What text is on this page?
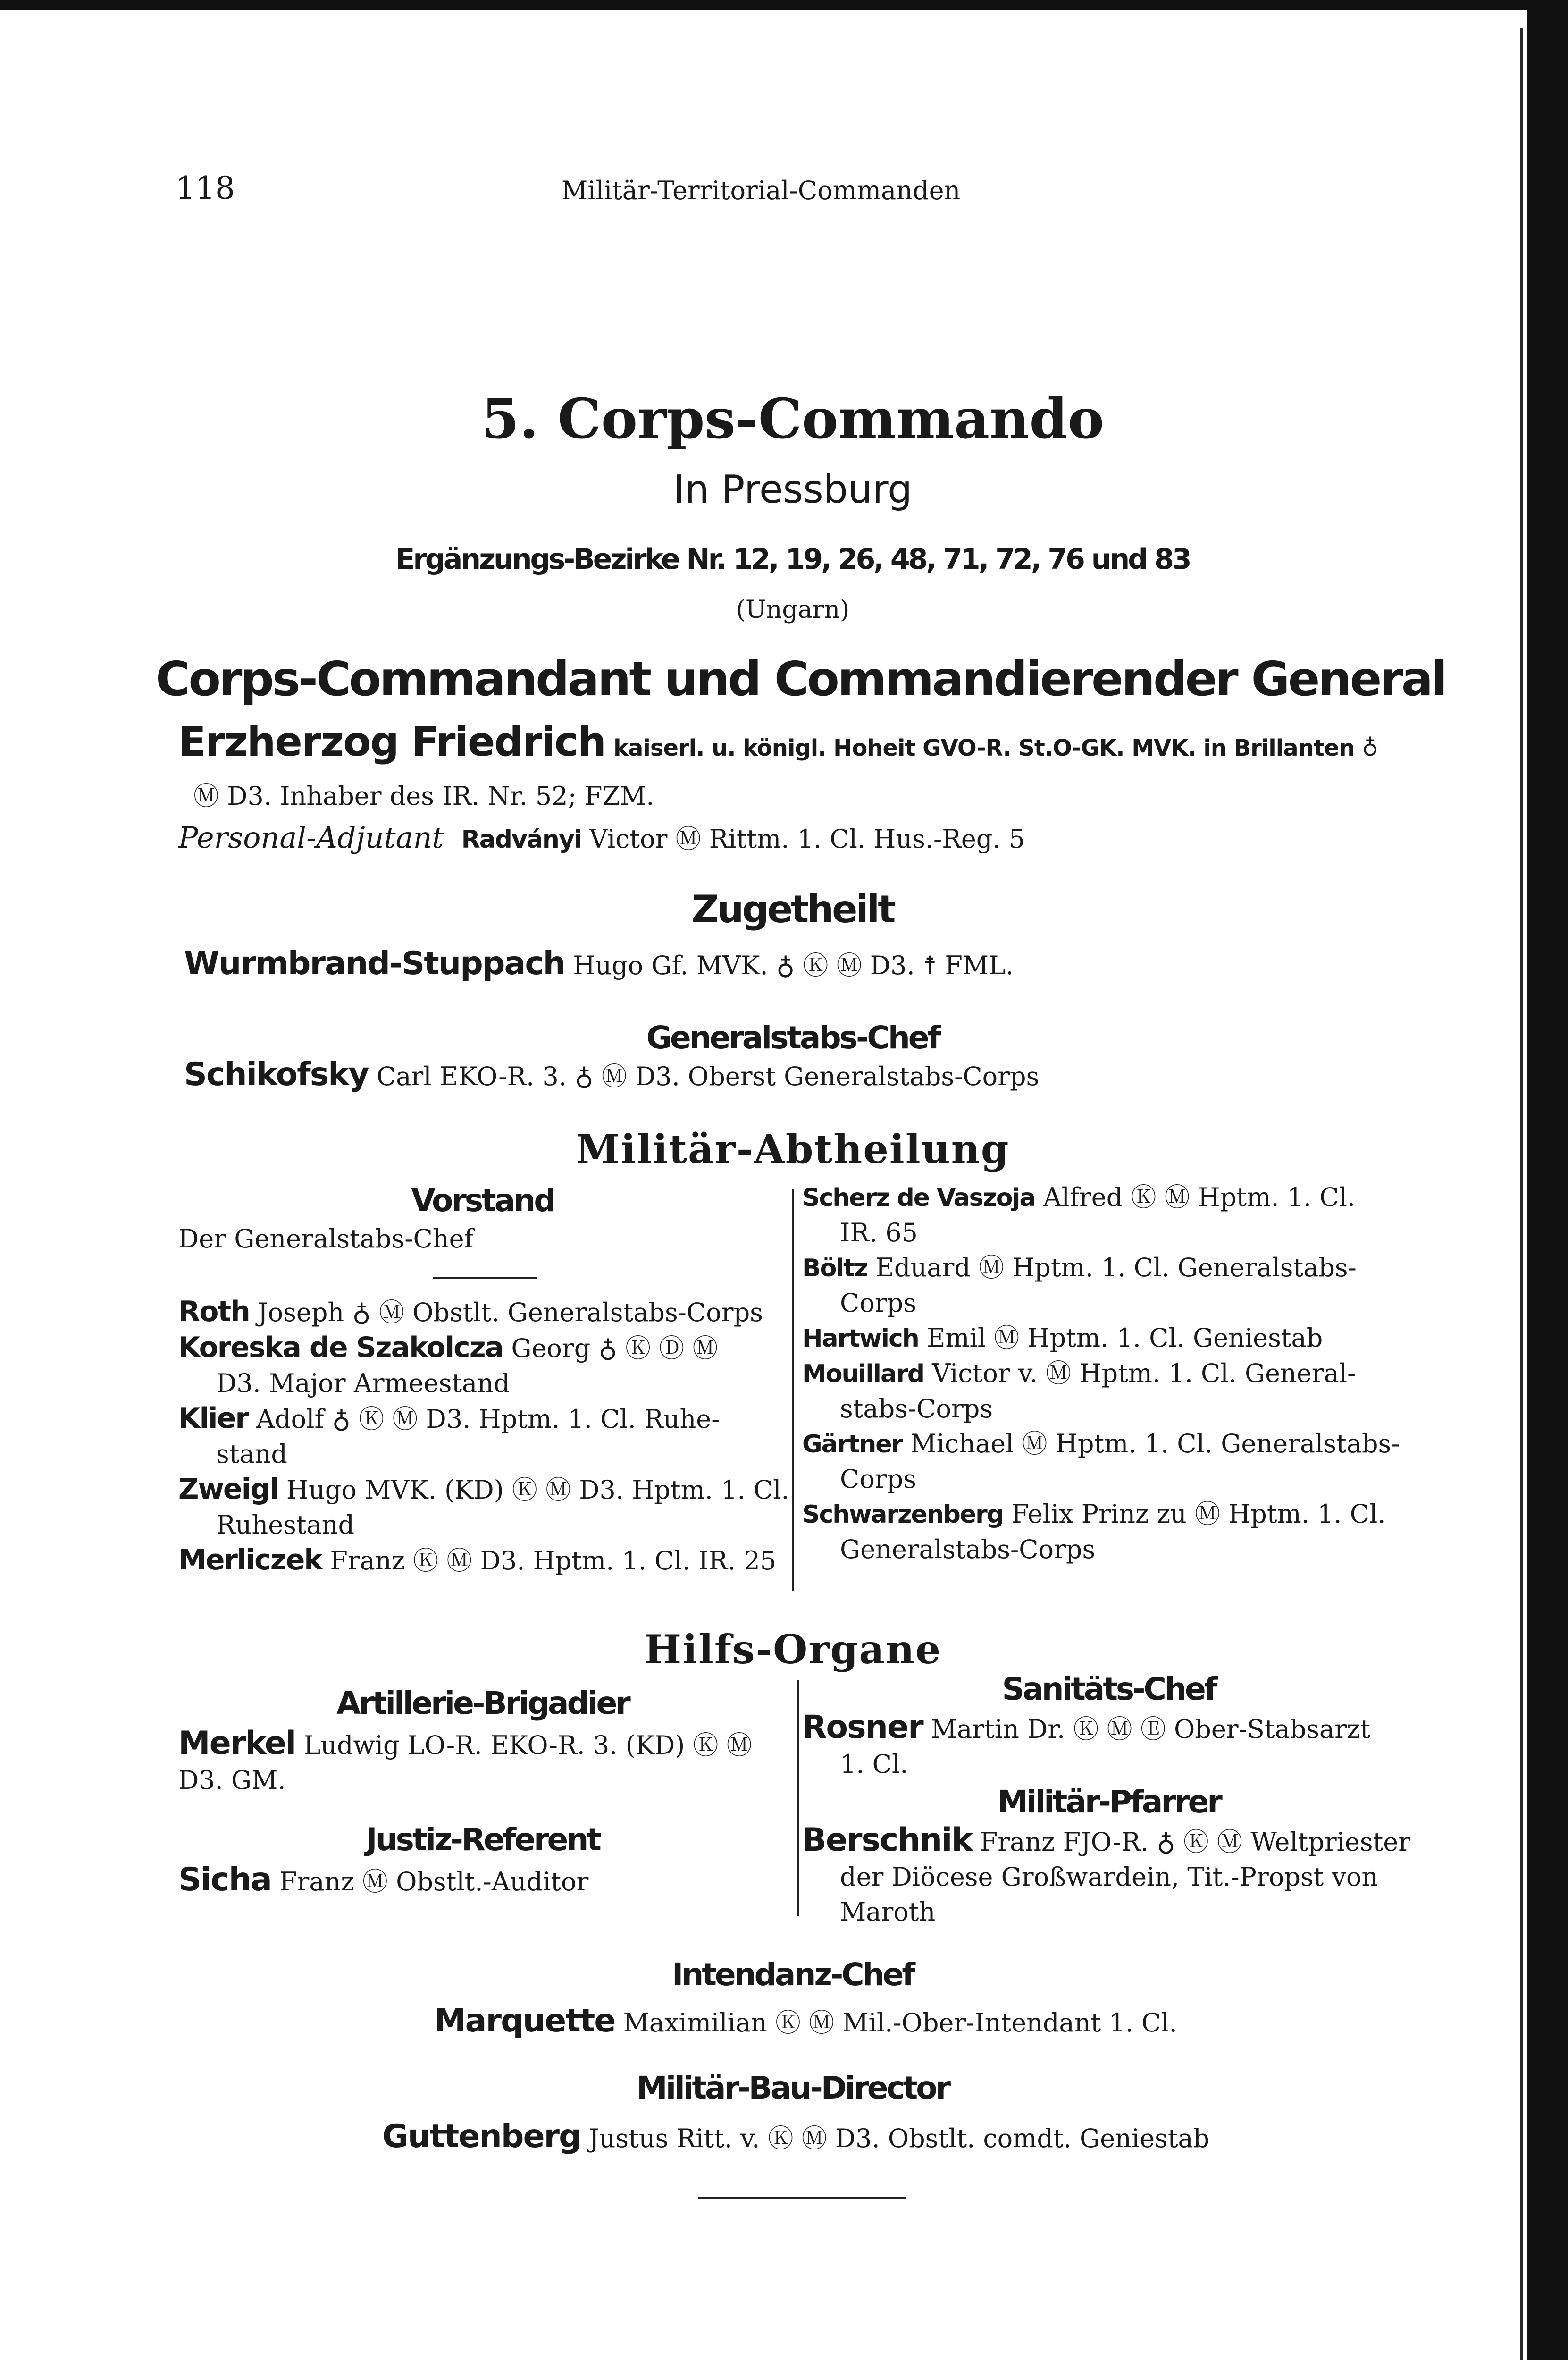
118	Militär-Territorial-Commanden
5. Corps-Commando
In Pressburg
Ergänzungs-Bezirke Nr. 12, 19, 26, 48, 71, 72, 76 und 83
(Ungarn)
Corps-Commandant und Commandierender General
Erzherzog Friedrich kaiserl. u. königl. Hoheit GVO-R. St.O-GK. MVK. in Brillanten ♁
Ⓜ D3. Inhaber des IR. Nr. 52; FZM.
Personal-Adjutant Radványi Victor Ⓜ Rittm. 1. Cl. Hus.-Reg. 5
Zugetheilt
Wurmbrand-Stuppach Hugo Gf. MVK. ♁ Ⓚ Ⓜ D3. ☨ FML.
Generalstabs-Chef
Schikofsky Carl EKO-R. 3. ♁ Ⓜ D3. Oberst Generalstabs-Corps
Militär-Abtheilung
Vorstand
Der Generalstabs-Chef
Roth Joseph ♁ Ⓜ Obstlt. Generalstabs-Corps
Koreska de Szakolcza Georg ♁ Ⓚ Ⓓ Ⓜ
D3. Major Armeestand
Klier Adolf ♁ Ⓚ Ⓜ D3. Hptm. 1. Cl. Ruhe-
stand
Zweigl Hugo MVK. (KD) Ⓚ Ⓜ D3. Hptm. 1. Cl.
Ruhestand
Merliczek Franz Ⓚ Ⓜ D3. Hptm. 1. Cl. IR. 25
Scherz de Vaszoja Alfred Ⓚ Ⓜ Hptm. 1. Cl.
IR. 65
Böltz Eduard Ⓜ Hptm. 1. Cl. Generalstabs-
Corps
Hartwich Emil Ⓜ Hptm. 1. Cl. Geniestab
Mouillard Victor v. Ⓜ Hptm. 1. Cl. General-
stabs-Corps
Gärtner Michael Ⓜ Hptm. 1. Cl. Generalstabs-
Corps
Schwarzenberg Felix Prinz zu Ⓜ Hptm. 1. Cl.
Generalstabs-Corps
Hilfs-Organe
Artillerie-Brigadier
Merkel Ludwig LO-R. EKO-R. 3. (KD) Ⓚ Ⓜ
D3. GM.
Justiz-Referent
Sicha Franz Ⓜ Obstlt.-Auditor
Sanitäts-Chef
Rosner Martin Dr. Ⓚ Ⓜ Ⓔ Ober-Stabsarzt
1. Cl.
Militär-Pfarrer
Berschnik Franz FJO-R. ♁ Ⓚ Ⓜ Weltpriester
der Diöcese Großwardein, Tit.-Propst von
Maroth
Intendanz-Chef
Marquette Maximilian Ⓚ Ⓜ Mil.-Ober-Intendant 1. Cl.
Militär-Bau-Director
Guttenberg Justus Ritt. v. Ⓚ Ⓜ D3. Obstlt. comdt. Geniestab
